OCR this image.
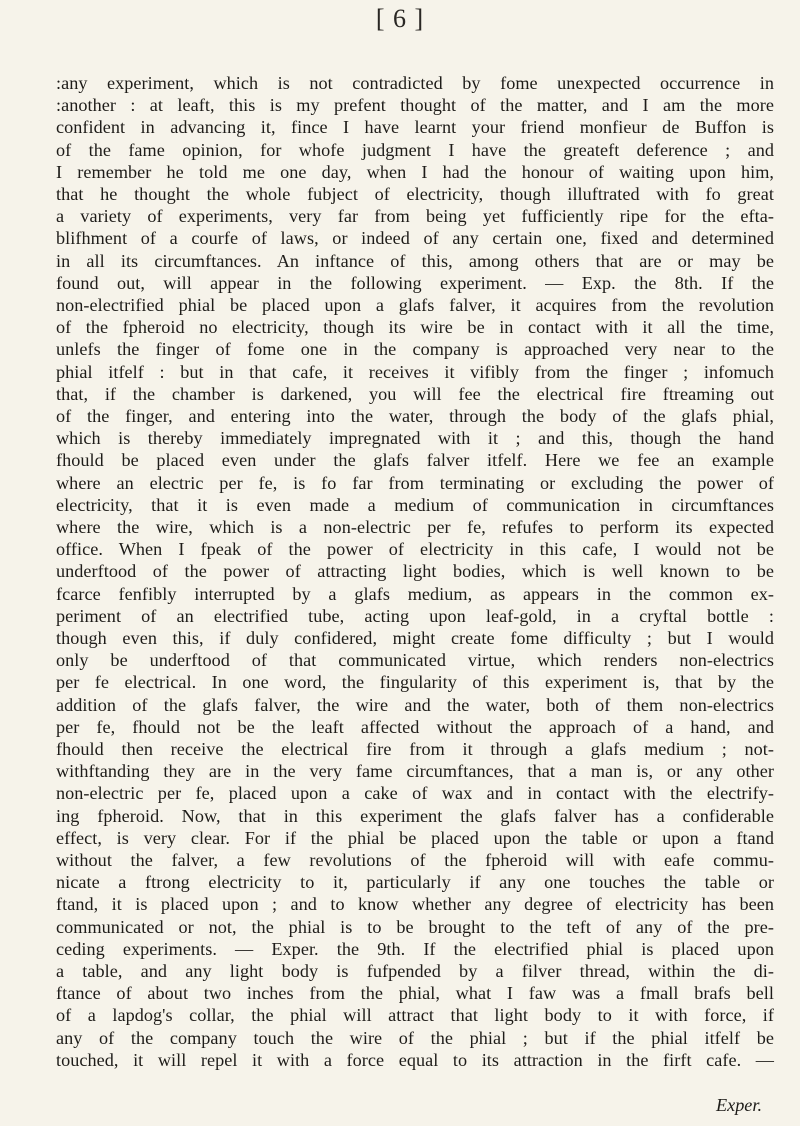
[ 6 ]
:any experiment, which is not contradicted by fome unexpected occurrence in
:another : at leaft, this is my prefent thought of the matter, and I am the more
confident in advancing it, fince I have learnt your friend monfieur de Buffon is
of the fame opinion, for whofe judgment I have the greateft deference ; and
I remember he told me one day, when I had the honour of waiting upon him,
that he thought the whole fubject of electricity, though illuftrated with fo great
a variety of experiments, very far from being yet fufficiently ripe for the efta-
blifhment of a courfe of laws, or indeed of any certain one, fixed and determined
in all its circumftances. An inftance of this, among others that are or may be
found out, will appear in the following experiment. — Exp. the 8th. If the
non-electrified phial be placed upon a glafs falver, it acquires from the revolution
of the fpheroid no electricity, though its wire be in contact with it all the time,
unlefs the finger of fome one in the company is approached very near to the
phial itfelf : but in that cafe, it receives it vifibly from the finger ; infomuch
that, if the chamber is darkened, you will fee the electrical fire ftreaming out
of the finger, and entering into the water, through the body of the glafs phial,
which is thereby immediately impregnated with it ; and this, though the hand
fhould be placed even under the glafs falver itfelf. Here we fee an example
where an electric per fe, is fo far from terminating or excluding the power of
electricity, that it is even made a medium of communication in circumftances
where the wire, which is a non-electric per fe, refufes to perform its expected
office. When I fpeak of the power of electricity in this cafe, I would not be
underftood of the power of attracting light bodies, which is well known to be
fcarce fenfibly interrupted by a glafs medium, as appears in the common ex-
periment of an electrified tube, acting upon leaf-gold, in a cryftal bottle :
though even this, if duly confidered, might create fome difficulty ; but I would
only be underftood of that communicated virtue, which renders non-electrics
per fe electrical. In one word, the fingularity of this experiment is, that by the
addition of the glafs falver, the wire and the water, both of them non-electrics
per fe, fhould not be the leaft affected without the approach of a hand, and
fhould then receive the electrical fire from it through a glafs medium ; not-
withftanding they are in the very fame circumftances, that a man is, or any other
non-electric per fe, placed upon a cake of wax and in contact with the electrify-
ing fpheroid. Now, that in this experiment the glafs falver has a confiderable
effect, is very clear. For if the phial be placed upon the table or upon a ftand
without the falver, a few revolutions of the fpheroid will with eafe commu-
nicate a ftrong electricity to it, particularly if any one touches the table or
ftand, it is placed upon ; and to know whether any degree of electricity has been
communicated or not, the phial is to be brought to the teft of any of the pre-
ceding experiments. — Exper. the 9th. If the electrified phial is placed upon
a table, and any light body is fufpended by a filver thread, within the di-
ftance of about two inches from the phial, what I faw was a fmall brafs bell
of a lapdog's collar, the phial will attract that light body to it with force, if
any of the company touch the wire of the phial ; but if the phial itfelf be
touched, it will repel it with a force equal to its attraction in the firft cafe. —
Exper.
